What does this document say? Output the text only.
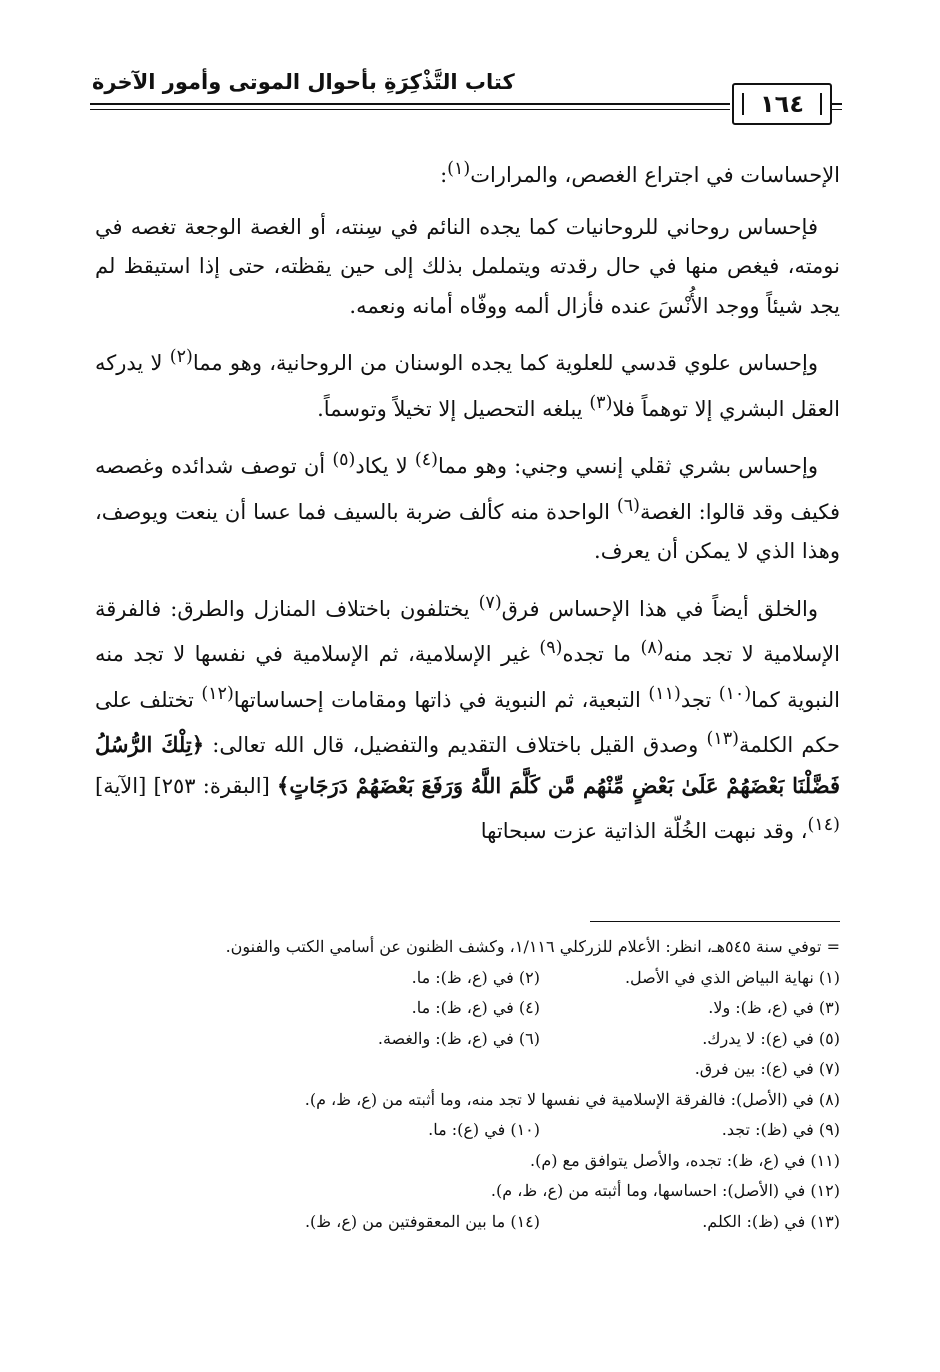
كتاب التَّذْكِرَةِ بأحوال الموتى وأمور الآخرة
١٦٤

الإحساسات في اجتراع الغصص، والمرارات$^{(١)}$:

فإحساس روحاني للروحانيات كما يجده النائم في سِنته، أو الغصة الوجعة تغصه في نومته، فيغص منها في حال رقدته ويتململ بذلك إلى حين يقظته، حتى إذا استيقظ لم يجد شيئاً ووجد الأُنْسَ عنده فأزال ألمه ووفّاه أمانه ونعمه.

وإحساس علوي قدسي للعلوية كما يجده الوسنان من الروحانية، وهو مما$^{(٢)}$ لا يدركه العقل البشري إلا توهماً فلا$^{(٣)}$ يبلغه التحصيل إلا تخيلاً وتوسماً.

وإحساس بشري ثقلي إنسي وجني: وهو مما$^{(٤)}$ لا يكاد$^{(٥)}$ أن توصف شدائده وغصصه فكيف وقد قالوا: الغصة$^{(٦)}$ الواحدة منه كألف ضربة بالسيف فما عسا أن ينعت ويوصف، وهذا الذي لا يمكن أن يعرف.

والخلق أيضاً في هذا الإحساس فرق$^{(٧)}$ يختلفون باختلاف المنازل والطرق: فالفرقة الإسلامية لا تجد منه$^{(٨)}$ ما تجده$^{(٩)}$ غير الإسلامية، ثم الإسلامية في نفسها لا تجد منه النبوية كما$^{(١٠)}$ تجد$^{(١١)}$ التبعية، ثم النبوية في ذاتها ومقامات إحساساتها$^{(١٢)}$ تختلف على حكم الكلمة$^{(١٣)}$ وصدق القيل باختلاف التقديم والتفضيل، قال الله تعالى: ﴿تِلْكَ الرُّسُلُ فَضَّلْنَا بَعْضَهُمْ عَلَىٰ بَعْضٍ مِّنْهُم مَّن كَلَّمَ اللَّهُ وَرَفَعَ بَعْضَهُمْ دَرَجَاتٍ﴾ [البقرة: ٢٥٣] [الآية]$^{(١٤)}$، وقد نبهت الخُلّة الذاتية عزت سبحاتها

= توفي سنة ٥٤٥هـ، انظر: الأعلام للزركلي ١/١١٦، وكشف الظنون عن أسامي الكتب والفنون.
(١) نهاية البياض الذي في الأصل.
(٢) في (ع، ظ): ما.
(٣) في (ع، ظ): ولا.
(٤) في (ع، ظ): ما.
(٥) في (ع): لا يدرك.
(٦) في (ع، ظ): والغصة.
(٧) في (ع): بين فرق.
(٨) في (الأصل): فالفرقة الإسلامية في نفسها لا تجد منه، وما أثبته من (ع، ظ، م).
(٩) في (ظ): تجد.
(١٠) في (ع): ما.
(١١) في (ع، ظ): تجده، والأصل يتوافق مع (م).
(١٢) في (الأصل): احساسها، وما أثبته من (ع، ظ، م).
(١٣) في (ظ): الكلم.
(١٤) ما بين المعقوفتين من (ع، ظ).
